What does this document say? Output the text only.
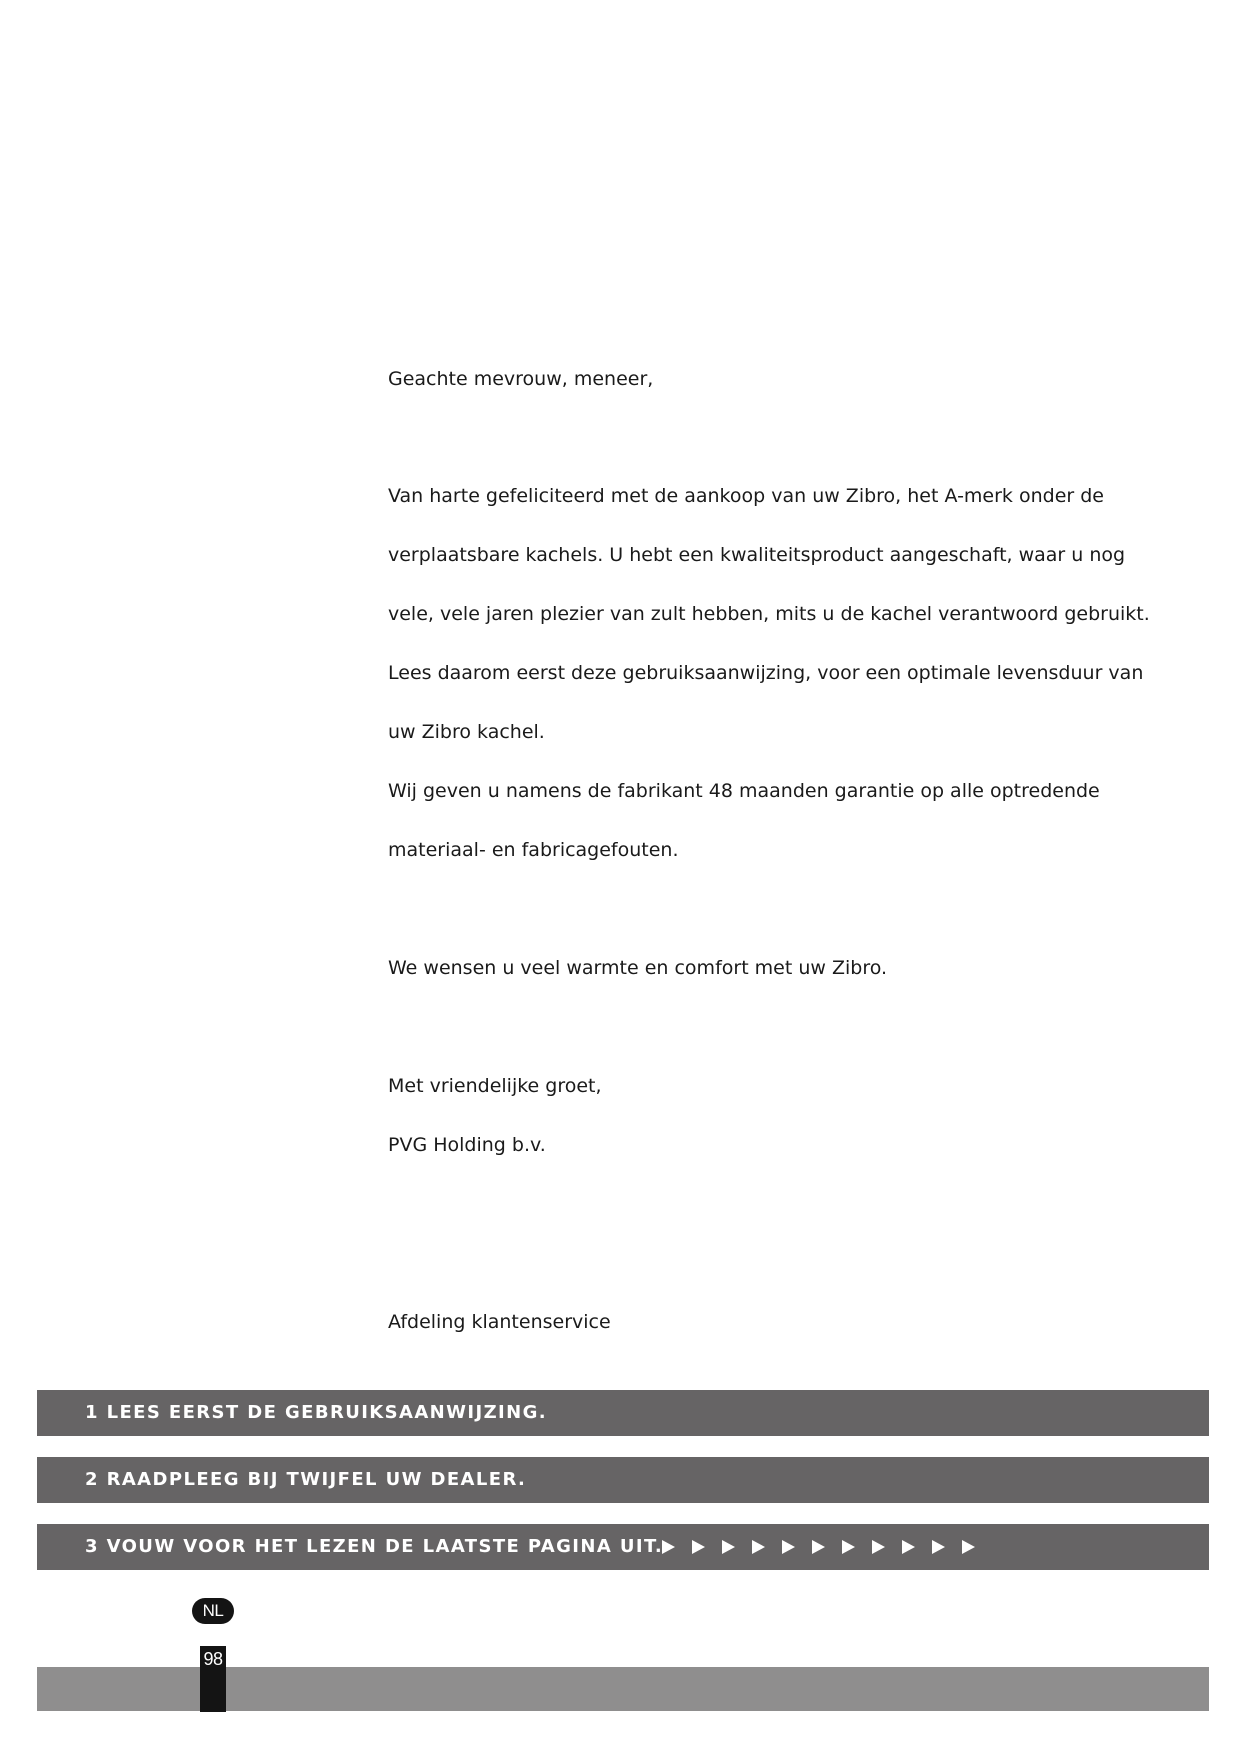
Geachte mevrouw, meneer,
Van harte gefeliciteerd met de aankoop van uw Zibro, het A-merk onder de
verplaatsbare kachels. U hebt een kwaliteitsproduct aangeschaft, waar u nog
vele, vele jaren plezier van zult hebben, mits u de kachel verantwoord gebruikt.
Lees daarom eerst deze gebruiksaanwijzing, voor een optimale levensduur van
uw Zibro kachel.
Wij geven u namens de fabrikant 48 maanden garantie op alle optredende
materiaal- en fabricagefouten.
We wensen u veel warmte en comfort met uw Zibro.
Met vriendelijke groet,
PVG Holding b.v.
Afdeling klantenservice
1 LEES EERST DE GEBRUIKSAANWIJZING.
2 RAADPLEEG BIJ TWIJFEL UW DEALER.
3 VOUW VOOR HET LEZEN DE LAATSTE PAGINA UIT.
NL
98
